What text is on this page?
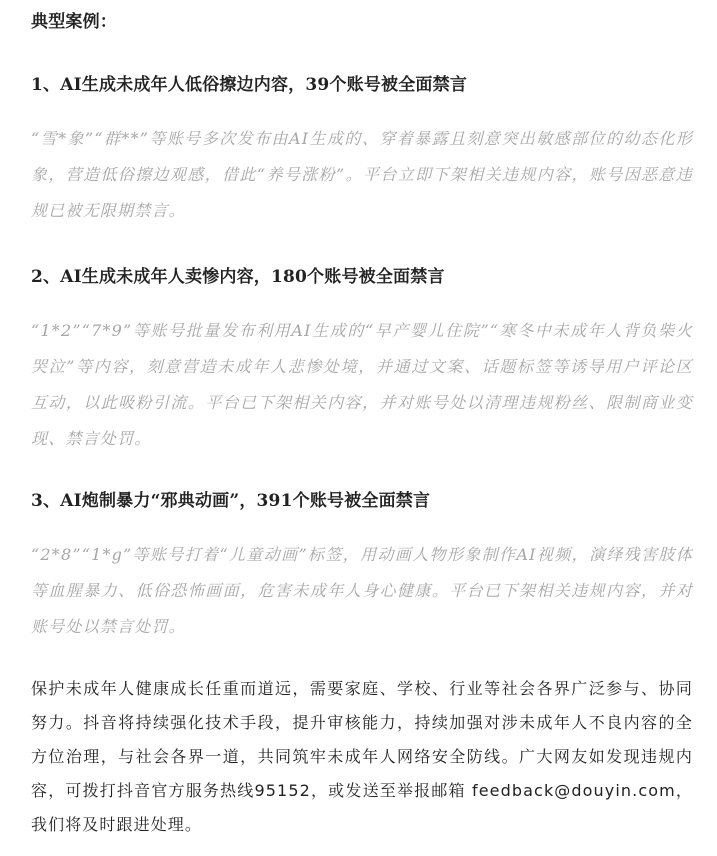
典型案例：
1、AI生成未成年人低俗擦边内容，39个账号被全面禁言
“雪*象”“群**”等账号多次发布由AI生成的、穿着暴露且刻意突出敏感部位的幼态化形象，营造低俗擦边观感，借此“养号涨粉”。平台立即下架相关违规内容，账号因恶意违规已被无限期禁言。
2、AI生成未成年人卖惨内容，180个账号被全面禁言
“1*2”“7*9”等账号批量发布利用AI生成的“早产婴儿住院”“寒冬中未成年人背负柴火哭泣”等内容，刻意营造未成年人悲惨处境，并通过文案、话题标签等诱导用户评论区互动，以此吸粉引流。平台已下架相关内容，并对账号处以清理违规粉丝、限制商业变现、禁言处罚。
3、AI炮制暴力“邪典动画”，391个账号被全面禁言
“2*8”“1*g”等账号打着“儿童动画”标签，用动画人物形象制作AI视频，演绎残害肢体等血腥暴力、低俗恐怖画面，危害未成年人身心健康。平台已下架相关违规内容，并对账号处以禁言处罚。
保护未成年人健康成长任重而道远，需要家庭、学校、行业等社会各界广泛参与、协同努力。抖音将持续强化技术手段，提升审核能力，持续加强对涉未成年人不良内容的全方位治理，与社会各界一道，共同筑牢未成年人网络安全防线。广大网友如发现违规内容，可拨打抖音官方服务热线95152，或发送至举报邮箱 feedback@douyin.com，我们将及时跟进处理。
